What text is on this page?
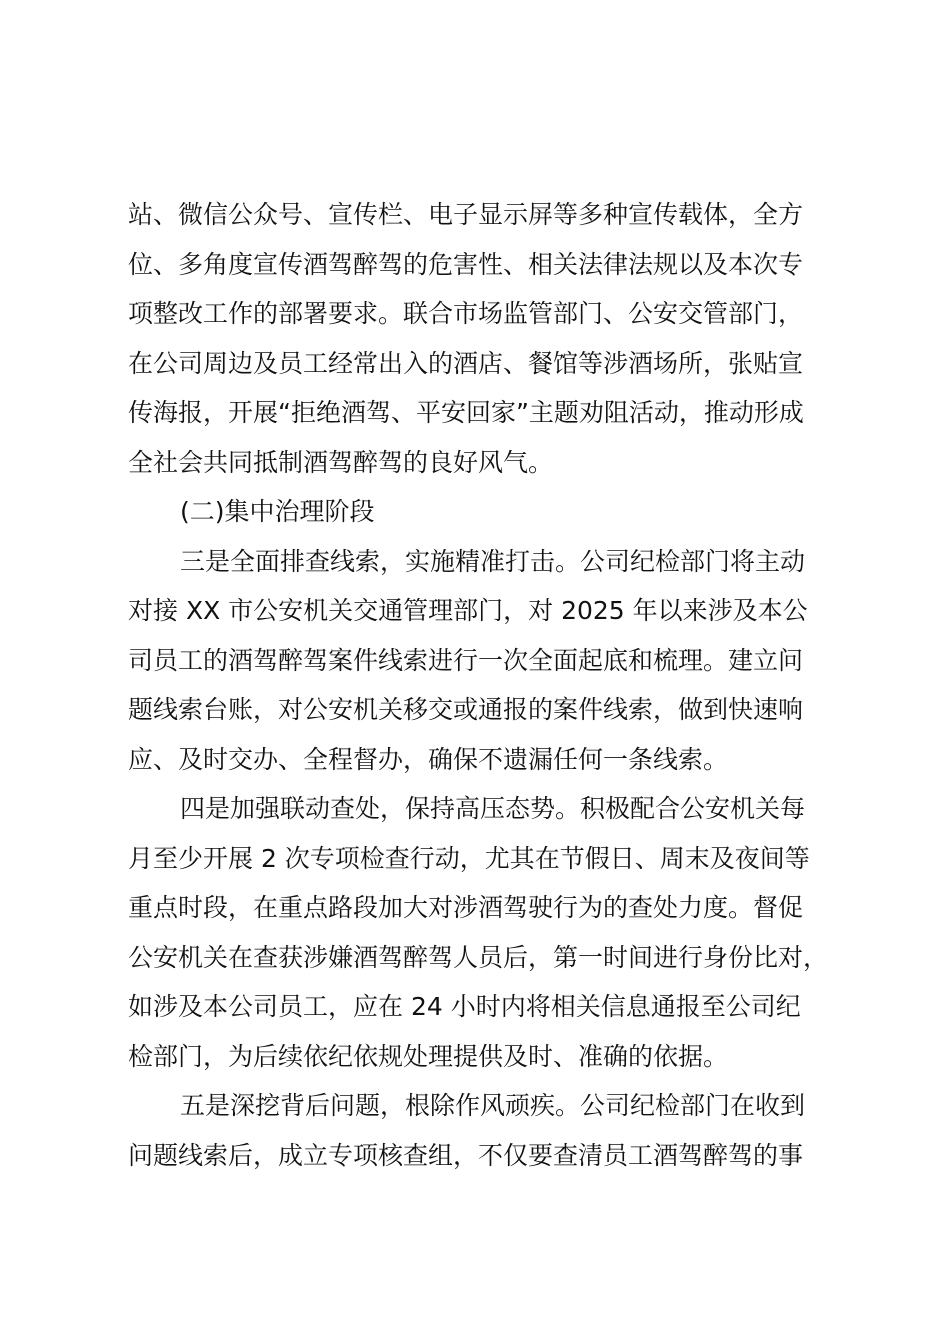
站、微信公众号、宣传栏、电子显示屏等多种宣传载体，全方
位、多角度宣传酒驾醉驾的危害性、相关法律法规以及本次专
项整改工作的部署要求。联合市场监管部门、公安交管部门，
在公司周边及员工经常出入的酒店、餐馆等涉酒场所，张贴宣
传海报，开展“拒绝酒驾、平安回家”主题劝阻活动，推动形成
全社会共同抵制酒驾醉驾的良好风气。
(二)集中治理阶段
三是全面排查线索，实施精准打击。公司纪检部门将主动
对接 XX 市公安机关交通管理部门，对 2025 年以来涉及本公
司员工的酒驾醉驾案件线索进行一次全面起底和梳理。建立问
题线索台账，对公安机关移交或通报的案件线索，做到快速响
应、及时交办、全程督办，确保不遗漏任何一条线索。
四是加强联动查处，保持高压态势。积极配合公安机关每
月至少开展 2 次专项检查行动，尤其在节假日、周末及夜间等
重点时段，在重点路段加大对涉酒驾驶行为的查处力度。督促
公安机关在查获涉嫌酒驾醉驾人员后，第一时间进行身份比对，
如涉及本公司员工，应在 24 小时内将相关信息通报至公司纪
检部门，为后续依纪依规处理提供及时、准确的依据。
五是深挖背后问题，根除作风顽疾。公司纪检部门在收到
问题线索后，成立专项核查组，不仅要查清员工酒驾醉驾的事
